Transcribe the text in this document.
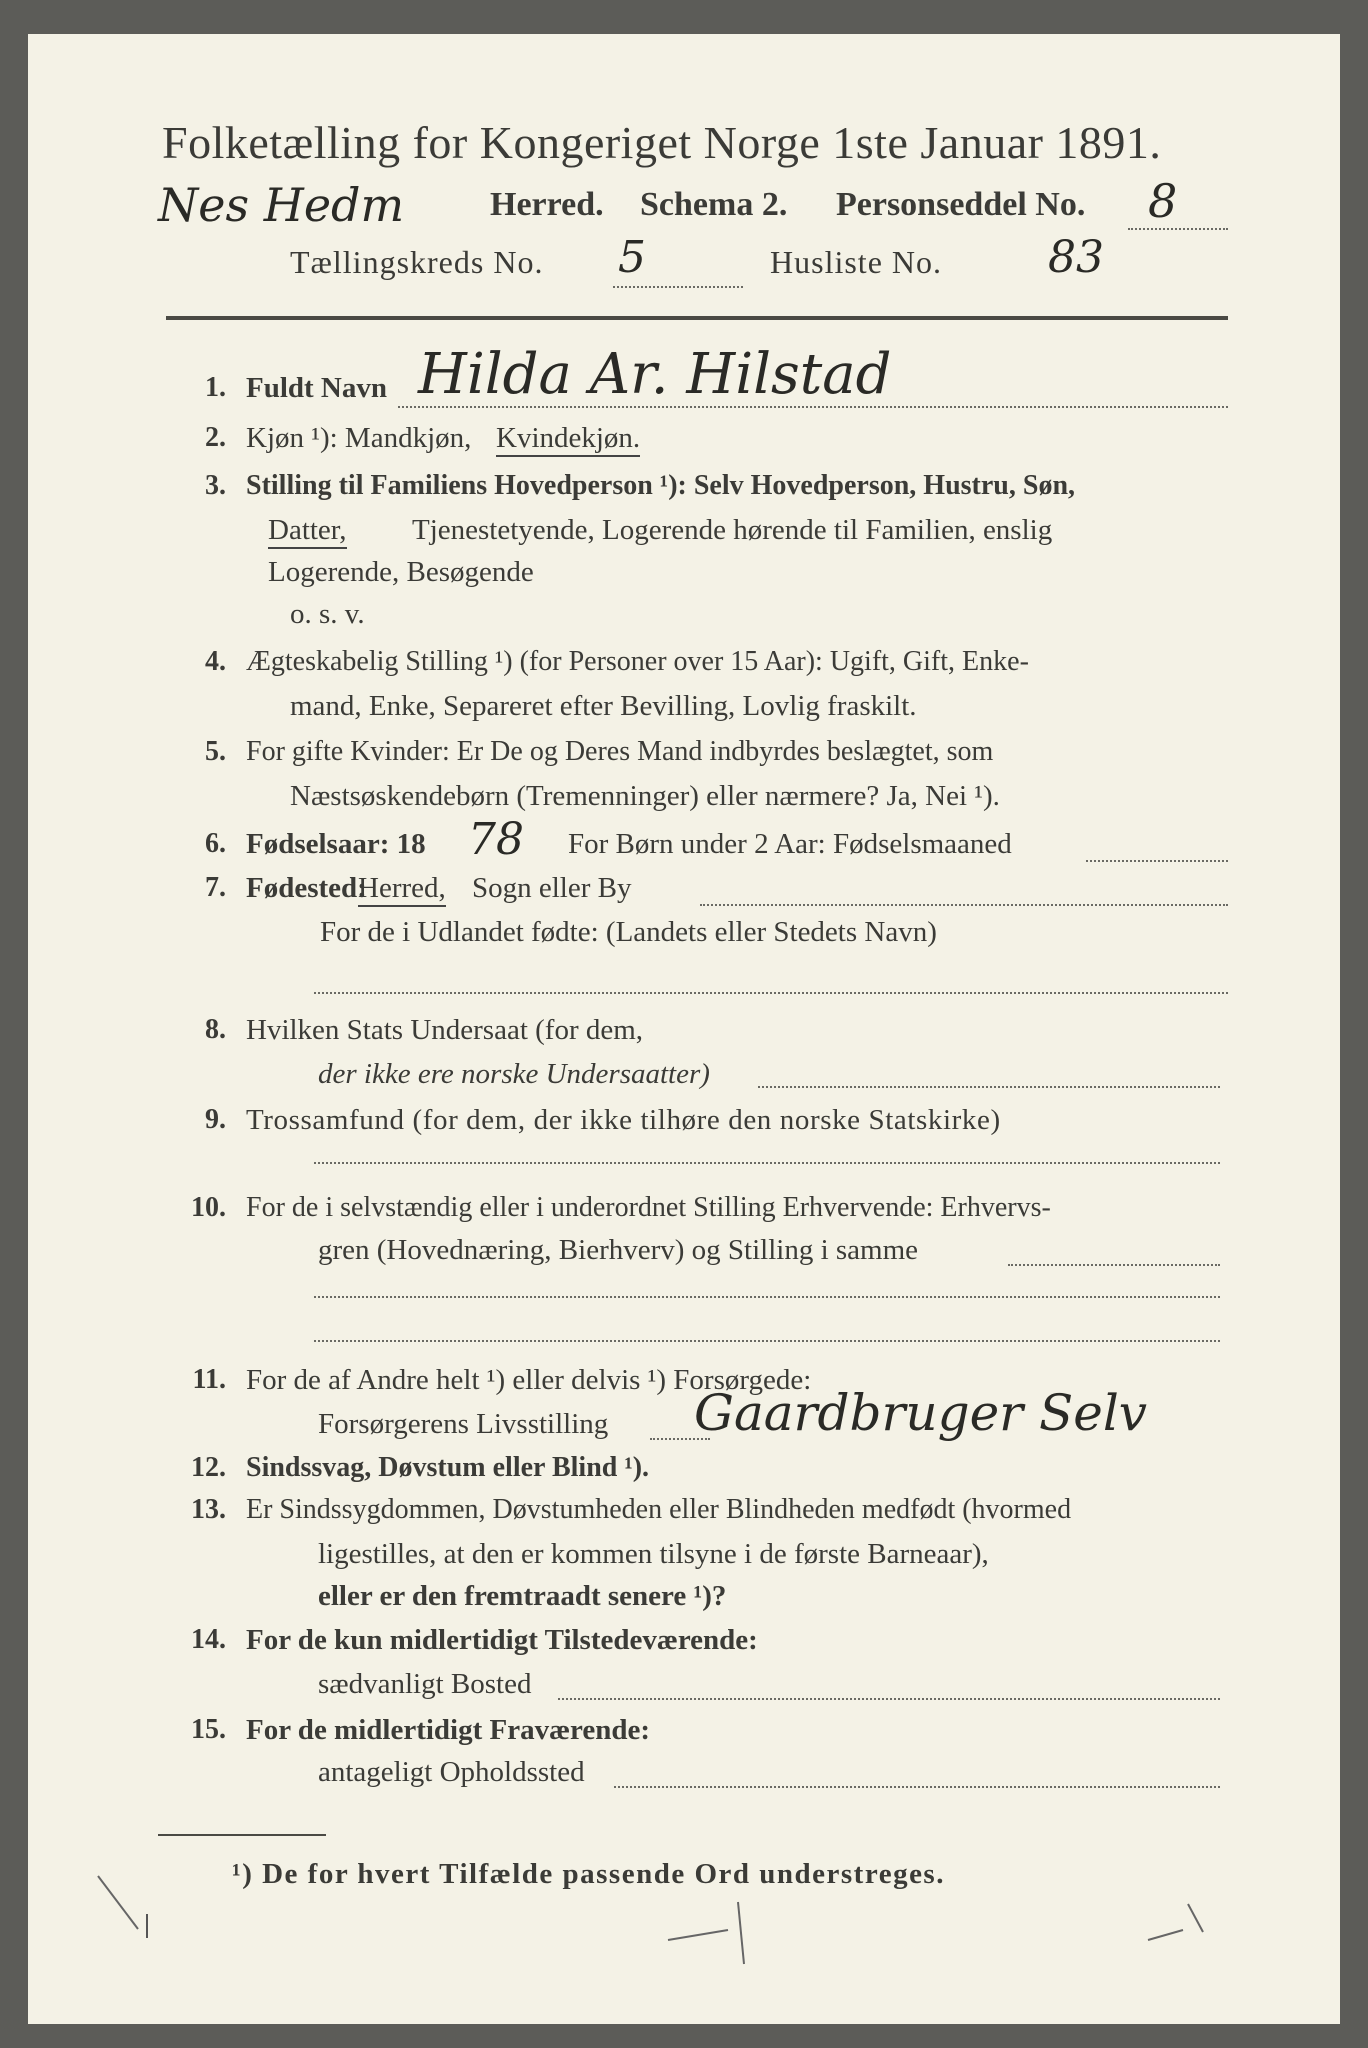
Folketælling for Kongeriget Norge 1ste Januar 1891.
Nes Hedm	Herred. Schema 2. Personseddel No. 8
Tællingskreds No. 5	Husliste No. 83
1. Fuldt Navn Hilda Ar. Hilstad
2. Kjøn ¹): Mandkjøn, Kvindekjøn.
3. Stilling til Familiens Hovedperson ¹): Selv Hovedperson, Hustru, Søn,
Datter, Tjenestetyende, Logerende hørende til Familien, enslig
Logerende, Besøgende
o. s. v.
4. Ægteskabelig Stilling ¹) (for Personer over 15 Aar): Ugift, Gift, Enke-
mand, Enke, Separeret efter Bevilling, Lovlig fraskilt.
5. For gifte Kvinder: Er De og Deres Mand indbyrdes beslægtet, som
Næstsøskendebørn (Tremenninger) eller nærmere? Ja, Nei ¹).
6. Fødselsaar: 18 78 For Børn under 2 Aar: Fødselsmaaned
7. Fødested:
Herred, Sogn eller By
For de i Udlandet fødte: (Landets eller Stedets Navn)
8. Hvilken Stats Undersaat (for dem,
der ikke ere norske Undersaatter)
9. Trossamfund (for dem, der ikke tilhøre den norske Statskirke)
10. For de i selvstændig eller i underordnet Stilling Erhvervende: Erhvervs-
gren (Hovednæring, Bierhverv) og Stilling i samme
11. For de af Andre helt ¹) eller delvis ¹) Forsørgede:
Forsørgerens Livsstilling Gaardbruger Selv
12. Sindssvag, Døvstum eller Blind ¹).
13. Er Sindssygdommen, Døvstumheden eller Blindheden medfødt (hvormed
ligestilles, at den er kommen tilsyne i de første Barneaar),
eller er den fremtraadt senere ¹)?
14. For de kun midlertidigt Tilstedeværende:
sædvanligt Bosted
15. For de midlertidigt Fraværende:
antageligt Opholdssted
¹) De for hvert Tilfælde passende Ord understreges.
